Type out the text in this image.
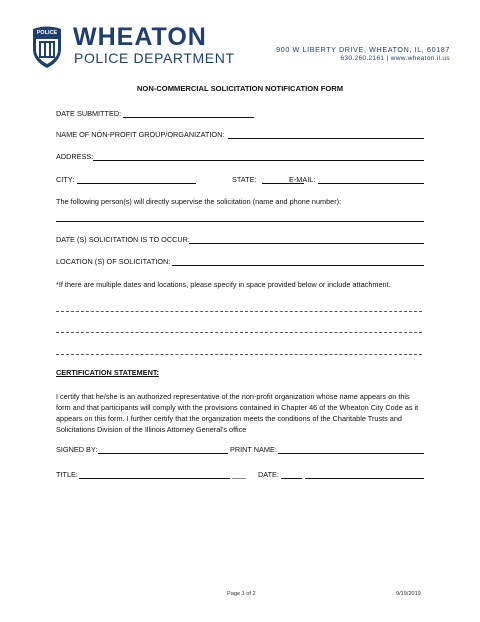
POLICE WHEATON
POLICE DEPARTMENT
900 W LIBERTY DRIVE, WHEATON, IL, 60187
630.260.2161 | www.wheaton.il.us
NON-COMMERCIAL SOLICITATION NOTIFICATION FORM
DATE SUBMITTED:
NAME OF NON-PROFIT GROUP/ORGANIZATION:
ADDRESS:
CITY:	STATE:	E-MAIL:
The following person(s) will directly supervise the solicitation (name and phone number):
DATE (S) SOLICITATION IS TO OCCUR:
LOCATION (S) OF SOLICITATION:
*If there are multiple dates and locations, please specify in space provided below or include attachment.
CERTIFICATION STATEMENT:
I certify that he/she is an authorized representative of the non-profit organization whose name appears on this form and that participants will comply with the provisions contained in Chapter 46 of the Wheaton City Code as it appears on this form. I further certify that the organization meets the conditions of the Charitable Trusts and Solicitations Division of the Illinois Attorney General’s office
SIGNED BY:	PRINT NAME:
TITLE:	DATE:
Page 1 of 2	9/19/2019
